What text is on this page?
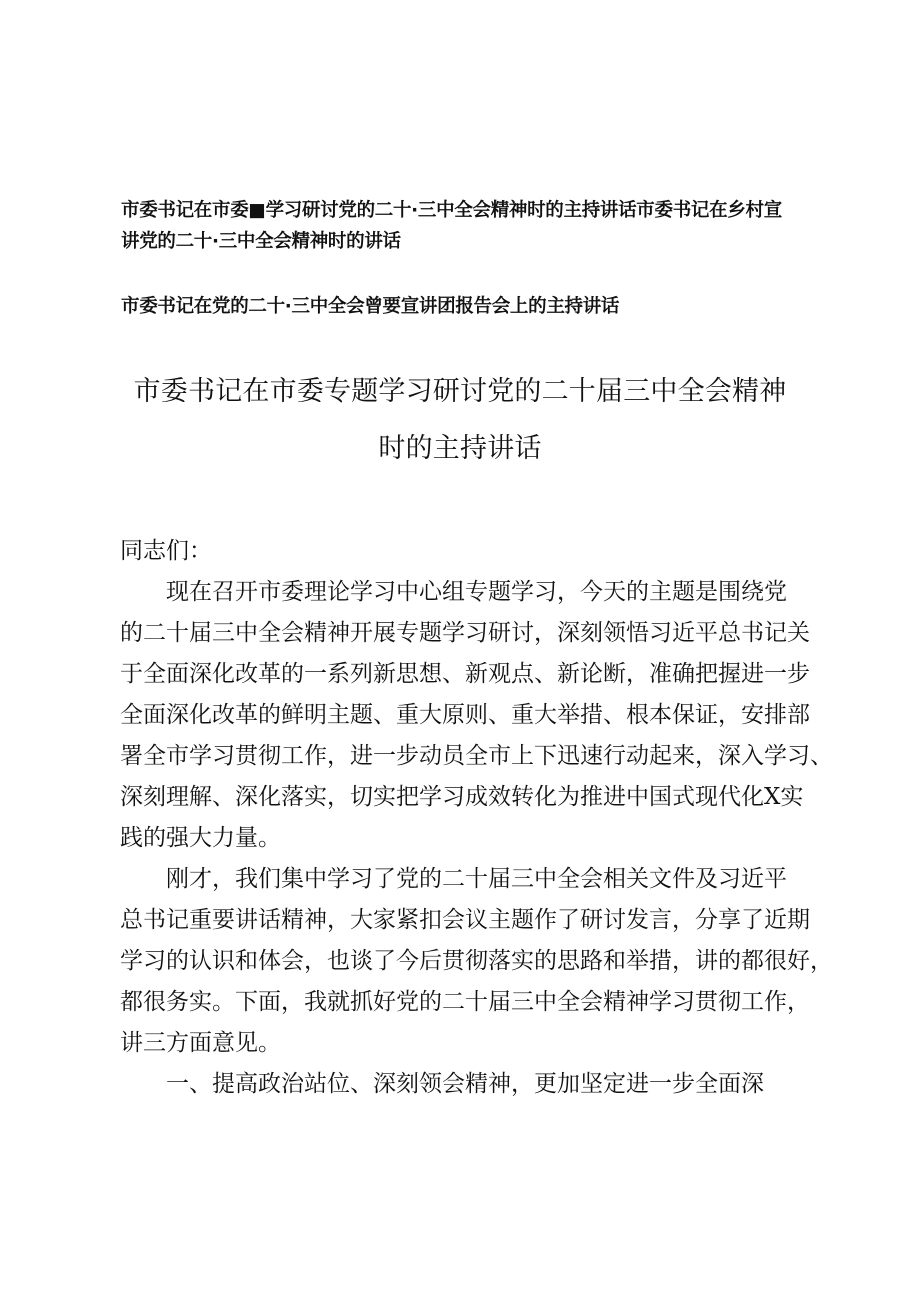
市委书记在市委■学习研讨党的二十·三中全会精神时的主持讲话市委书记在乡村宣

讲党的二十·三中全会精神时的讲话

市委书记在党的二十·三中全会曾要宣讲团报告会上的主持讲话

市委书记在市委专题学习研讨党的二十届三中全会精神

时的主持讲话

同志们：

现在召开市委理论学习中心组专题学习，今天的主题是围绕党

的二十届三中全会精神开展专题学习研讨，深刻领悟习近平总书记关

于全面深化改革的一系列新思想、新观点、新论断，准确把握进一步

全面深化改革的鲜明主题、重大原则、重大举措、根本保证，安排部

署全市学习贯彻工作，进一步动员全市上下迅速行动起来，深入学习、

深刻理解、深化落实，切实把学习成效转化为推进中国式现代化X实

践的强大力量。

刚才，我们集中学习了党的二十届三中全会相关文件及习近平

总书记重要讲话精神，大家紧扣会议主题作了研讨发言，分享了近期

学习的认识和体会，也谈了今后贯彻落实的思路和举措，讲的都很好，

都很务实。下面，我就抓好党的二十届三中全会精神学习贯彻工作，

讲三方面意见。

一、提高政治站位、深刻领会精神，更加坚定进一步全面深
